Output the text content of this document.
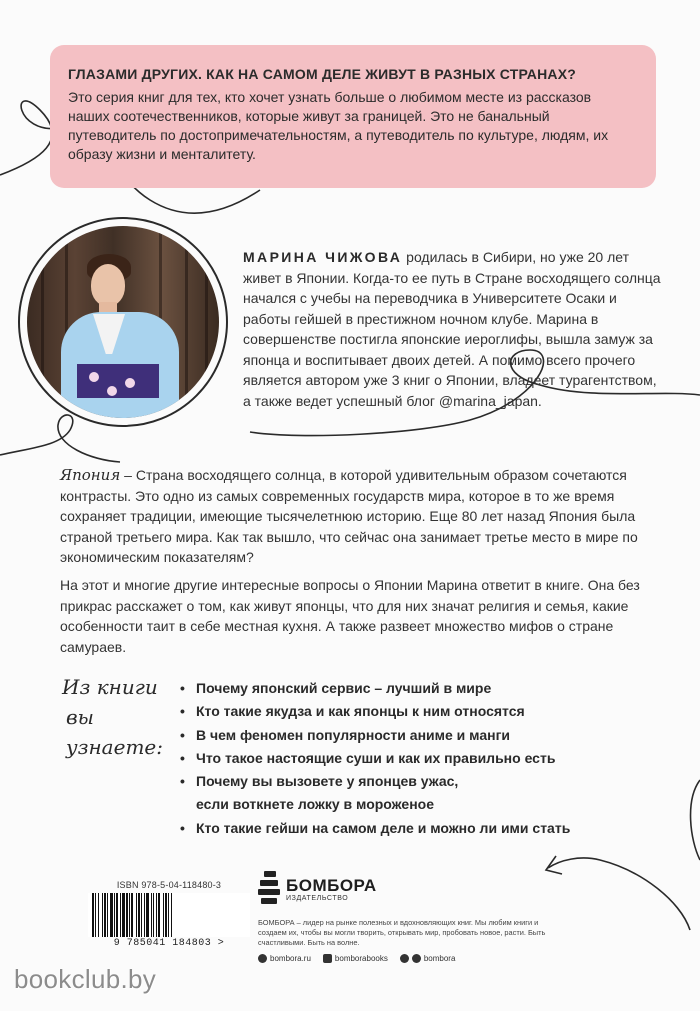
ГЛАЗАМИ ДРУГИХ. КАК НА САМОМ ДЕЛЕ ЖИВУТ В РАЗНЫХ СТРАНАХ?
Это серия книг для тех, кто хочет узнать больше о любимом месте из рассказов наших соотечественников, которые живут за границей. Это не банальный путеводитель по достопримечательностям, а путеводитель по культуре, людям, их образу жизни и менталитету.
МАРИНА ЧИЖОВА родилась в Сибири, но уже 20 лет живет в Японии. Когда-то ее путь в Стране восходящего солнца начался с учебы на переводчика в Университете Осаки и работы гейшей в престижном ночном клубе. Марина в совершенстве постигла японские иероглифы, вышла замуж за японца и воспитывает двоих детей. А помимо всего прочего является автором уже 3 книг о Японии, владеет турагентством, а также ведет успешный блог @marina_japan.
Япония – Страна восходящего солнца, в которой удивительным образом сочетаются контрасты. Это одно из самых современных государств мира, которое в то же время сохраняет традиции, имеющие тысячелетнюю историю. Еще 80 лет назад Япония была страной третьего мира. Как так вышло, что сейчас она занимает третье место в мире по экономическим показателям?
На этот и многие другие интересные вопросы о Японии Марина ответит в книге. Она без прикрас расскажет о том, как живут японцы, что для них значат религия и семья, какие особенности таит в себе местная кухня. А также развеет множество мифов о стране самураев.
Из книги
вы узнаете:
• Почему японский сервис – лучший в мире
• Кто такие якудза и как японцы к ним относятся
• В чем феномен популярности аниме и манги
• Что такое настоящие суши и как их правильно есть
• Почему вы вызовете у японцев ужас, если воткнете ложку в мороженое
• Кто такие гейши на самом деле и можно ли ими стать
ISBN 978-5-04-118480-3
9 785041 184803 >
БОМБОРА
ИЗДАТЕЛЬСТВО
БОМБОРА – лидер на рынке полезных и вдохновляющих книг. Мы любим книги и создаем их, чтобы вы могли творить, открывать мир, пробовать новое, расти. Быть счастливыми. Быть на волне.
bombora.ru	bomborabooks	bombora
bookclub.by
